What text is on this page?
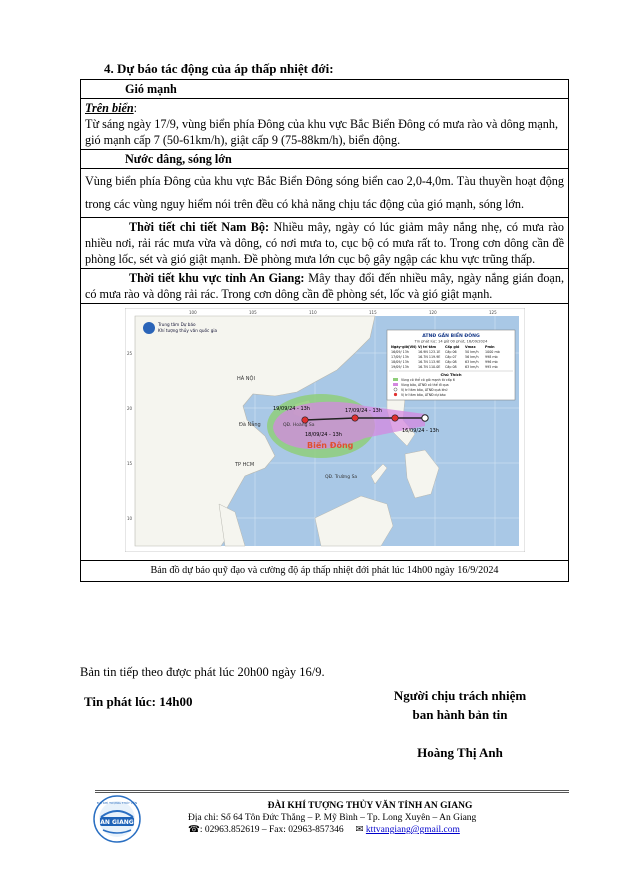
4. Dự báo tác động của áp thấp nhiệt đới:
Gió mạnh
Trên biển:
Từ sáng ngày 17/9, vùng biển phía Đông của khu vực Bắc Biển Đông có mưa rào và dông mạnh, gió mạnh cấp 7 (50-61km/h), giật cấp 9 (75-88km/h), biển động.
Nước dâng, sóng lớn
Vùng biển phía Đông của khu vực Bắc Biển Đông sóng biển cao 2,0-4,0m. Tàu thuyền hoạt động trong các vùng nguy hiểm nói trên đều có khả năng chịu tác động của gió mạnh, sóng lớn.
Thời tiết chi tiết Nam Bộ: Nhiều mây, ngày có lúc giảm mây nắng nhẹ, có mưa rào nhiều nơi, rải rác mưa vừa và dông, có nơi mưa to, cục bộ có mưa rất to. Trong cơn dông cần đề phòng lốc, sét và gió giật mạnh. Đề phòng mưa lớn cục bộ gây ngập các khu vực trũng thấp.
Thời tiết khu vực tỉnh An Giang: Mây thay đổi đến nhiều mây, ngày nắng gián đoạn, có mưa rào và dông rải rác. Trong cơn dông cần đề phòng sét, lốc và gió giật mạnh.

16/09/24 - 13h
17/09/24 - 13h
19/09/24 - 13h
18/09/24 - 13h
Biển Đông
HÀ NỘI
Đà Nẵng
TP HCM
QĐ. Hoàng Sa
QĐ. Trường Sa
Trung tâm Dự báo
Khí tượng thủy văn quốc gia
100	105	110	115	120	125
25
20
15
10
ATNĐ GẦN BIỂN ĐÔNG
Tin phát lúc: 14 giờ 00 phút, 16/09/2024
Ngày-giờ(VN) Vị trí tâm	Cấp gió Vmax	Pmin
16/09/ 13h	16.9N 123.1E Cấp 06	50 km/h 1000 mb
17/09/ 13h	16.7N 119.9E Cấp 07	56 km/h 998 mb
18/09/ 13h	16.7N 113.9E Cấp 08	63 km/h 996 mb
19/09/ 13h	16.7N 110.0E Cấp 08	63 km/h 995 mb
Chú Thích
Vùng có thể có gió mạnh từ cấp 6
Vùng bão, ATNĐ có thể đi qua
Vị trí tâm bão, ATNĐ quá khứ
Vị trí tâm bão, ATNĐ dự báo

Bản đồ dự báo quỹ đạo và cường độ áp thấp nhiệt đới phát lúc 14h00 ngày 16/9/2024
Bản tin tiếp theo được phát lúc 20h00 ngày 16/9.
Tin phát lúc: 14h00	Người chịu trách nhiệm
ban hành bản tin
Hoàng Thị Anh
AN GIANG
ĐÀI KHÍ TƯỢNG THỦY VĂN	ĐÀI KHÍ TƯỢNG THỦY VĂN TỈNH AN GIANG
Địa chỉ: Số 64 Tôn Đức Thắng – P. Mỹ Bình – Tp. Long Xuyên – An Giang
☎: 02963.852619 – Fax: 02963-857346 ✉ kttvangiang@gmail.com
